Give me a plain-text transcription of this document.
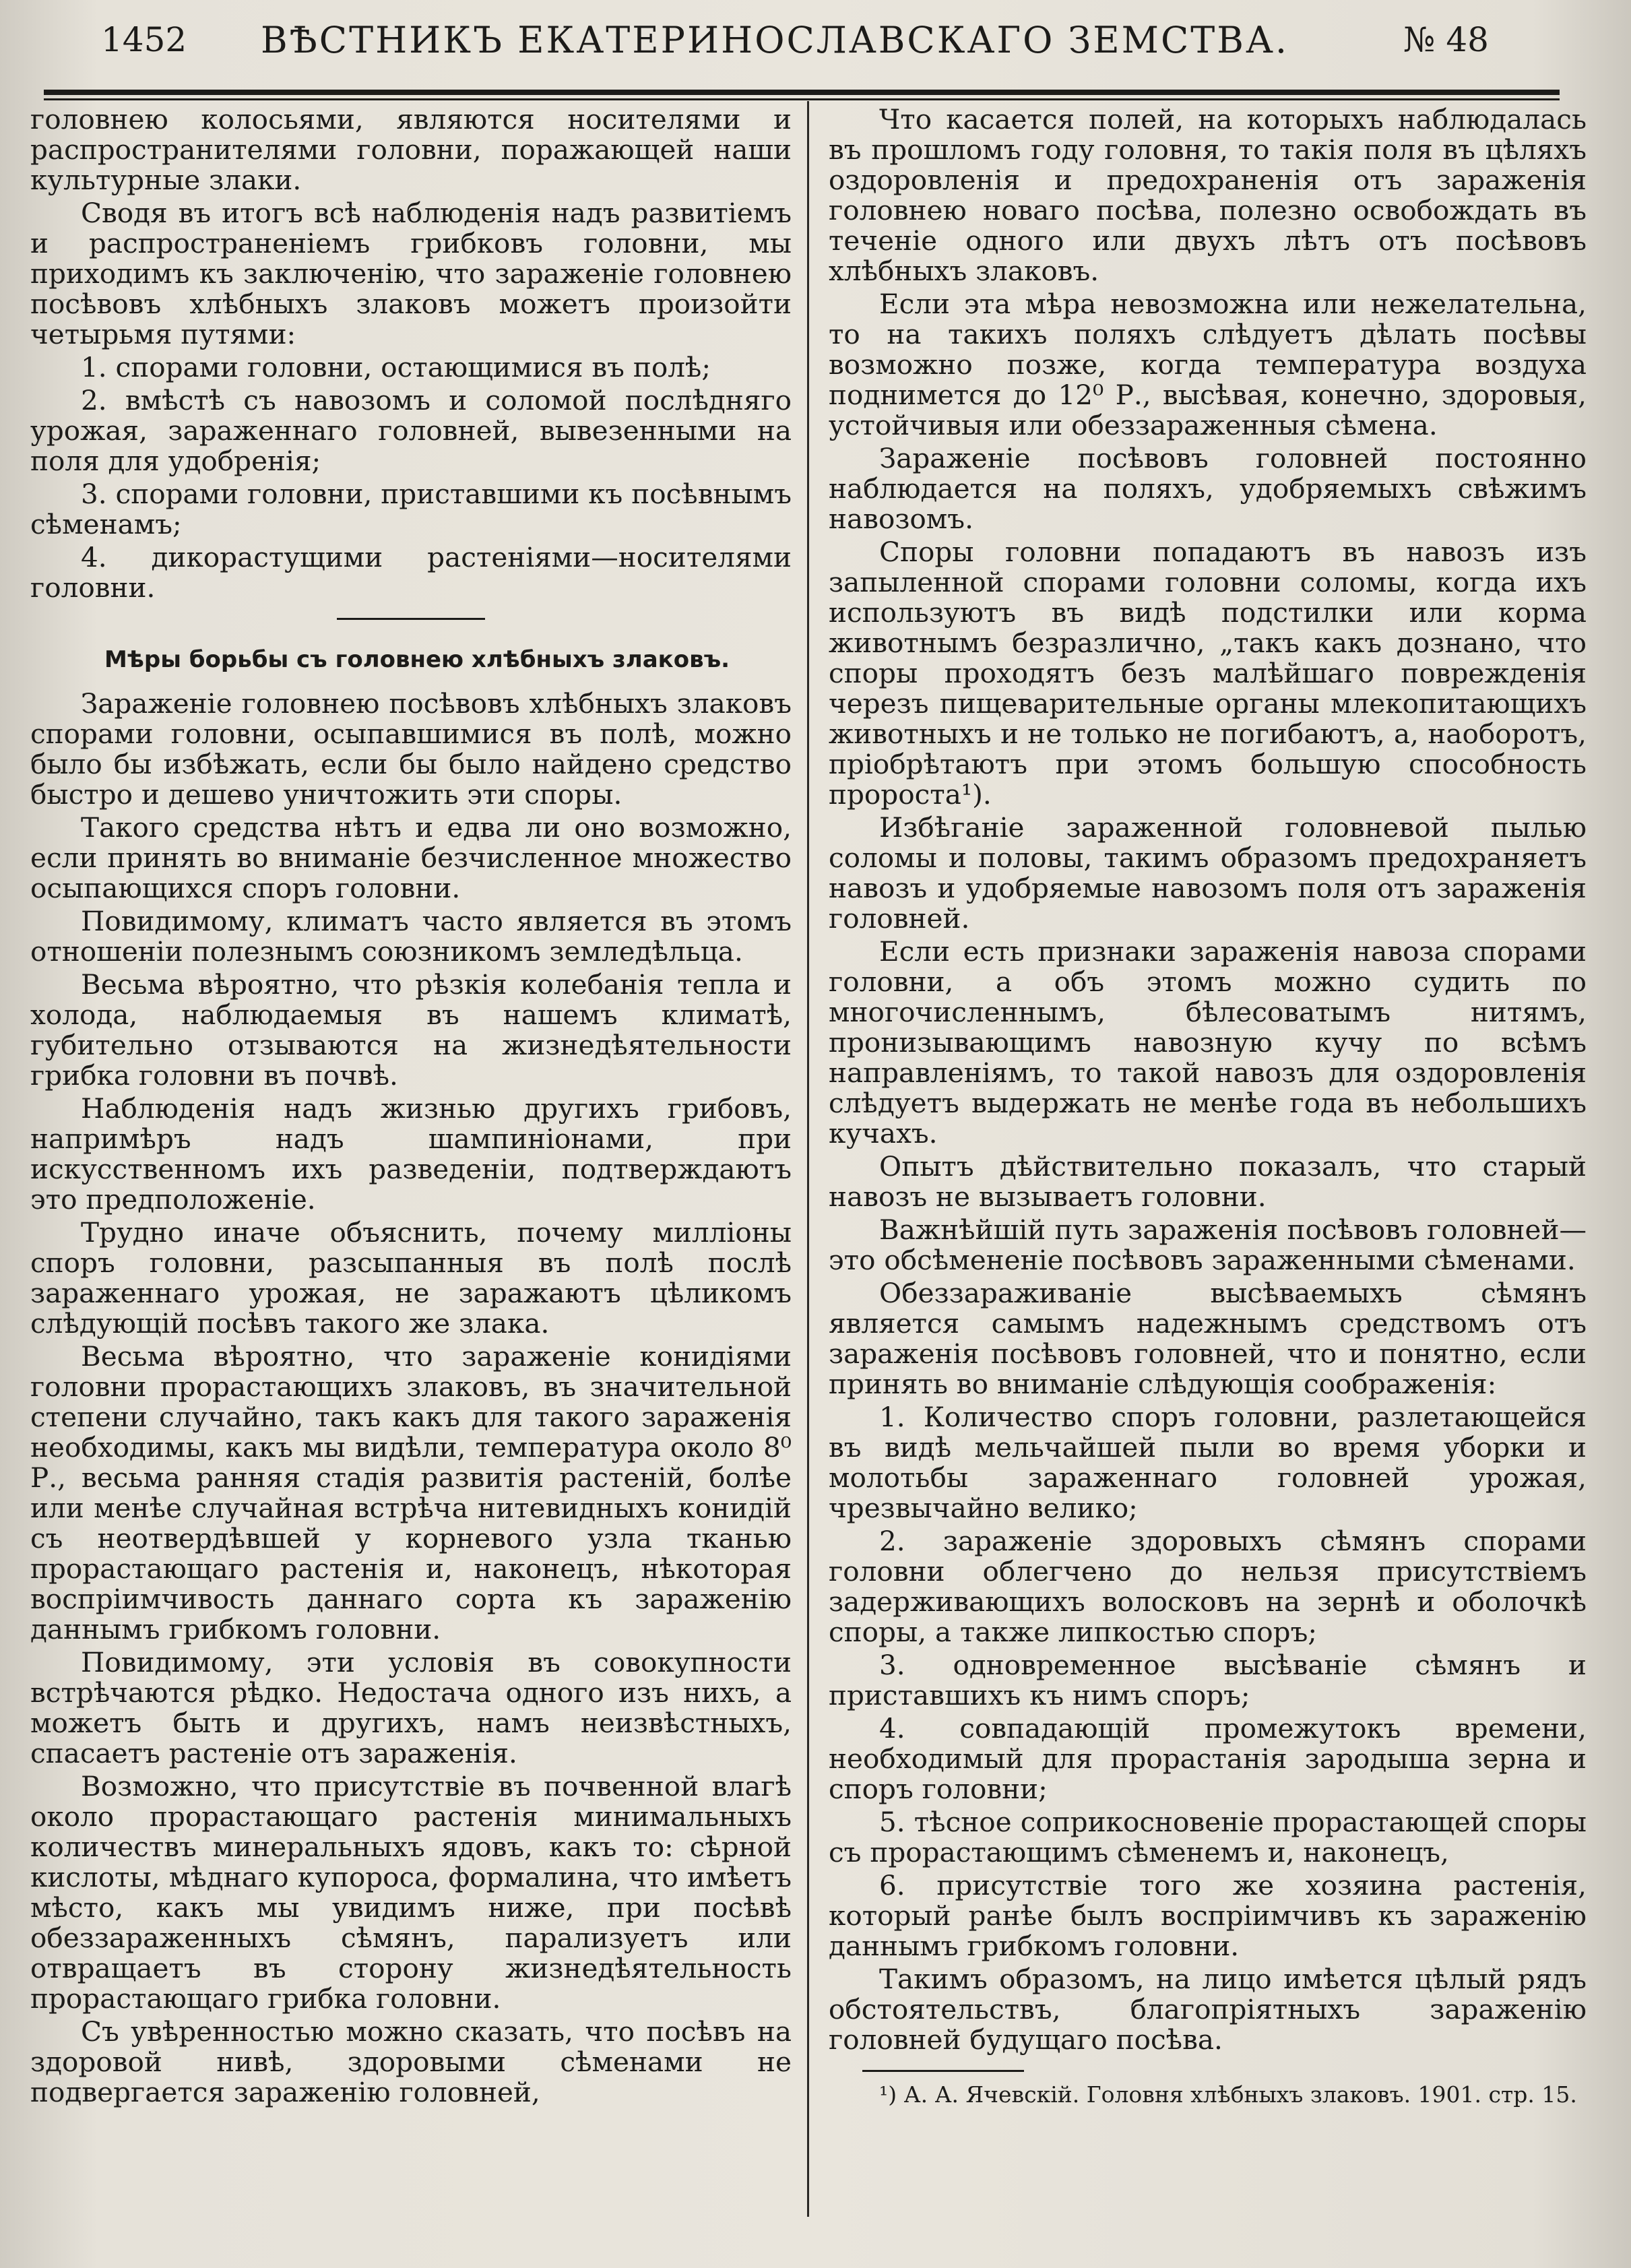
1452	ВѢСТНИКЪ ЕКАТЕРИНОСЛАВСКАГО ЗЕМСТВА.	№ 48

головнею колосьями, являются носителями и распространителями головни, поражающей наши культурные злаки.

Сводя въ итогъ всѣ наблюденія надъ развитіемъ и распространеніемъ грибковъ головни, мы приходимъ къ заключенію, что зараженіе головнею посѣвовъ хлѣбныхъ злаковъ можетъ произойти четырьмя путями:

1. спорами головни, остающимися въ полѣ;

2. вмѣстѣ съ навозомъ и соломой послѣдняго урожая, зараженнаго головней, вывезенными на поля для удобренія;

3. спорами головни, приставшими къ посѣвнымъ сѣменамъ;

4. дикорастущими растеніями—носителями головни.

Мѣры борьбы съ головнею хлѣбныхъ злаковъ.

Зараженіе головнею посѣвовъ хлѣбныхъ злаковъ спорами головни, осыпавшимися въ полѣ, можно было бы избѣжать, если бы было найдено средство быстро и дешево уничтожить эти споры.

Такого средства нѣтъ и едва ли оно возможно, если принять во вниманіе безчисленное множество осыпающихся споръ головни.

Повидимому, климатъ часто является въ этомъ отношеніи полезнымъ союзникомъ земледѣльца.

Весьма вѣроятно, что рѣзкія колебанія тепла и холода, наблюдаемыя въ нашемъ климатѣ, губительно отзываются на жизнедѣятельности грибка головни въ почвѣ.

Наблюденія надъ жизнью другихъ грибовъ, напримѣръ надъ шампиніонами, при искусственномъ ихъ разведеніи, подтверждаютъ это предположеніе.

Трудно иначе объяснить, почему милліоны споръ головни, разсыпанныя въ полѣ послѣ зараженнаго урожая, не заражаютъ цѣликомъ слѣдующій посѣвъ такого же злака.

Весьма вѣроятно, что зараженіе конидіями головни прорастающихъ злаковъ, въ значительной степени случайно, такъ какъ для такого зараженія необходимы, какъ мы видѣли, температура около 8⁰ Р., весьма ранняя стадія развитія растеній, болѣе или менѣе случайная встрѣча нитевидныхъ конидій съ неотвердѣвшей у корневого узла тканью прорастающаго растенія и, наконецъ, нѣкоторая воспріимчивость даннаго сорта къ зараженію даннымъ грибкомъ головни.

Повидимому, эти условія въ совокупности встрѣчаются рѣдко. Недостача одного изъ нихъ, а можетъ быть и другихъ, намъ неизвѣстныхъ, спасаетъ растеніе отъ зараженія.

Возможно, что присутствіе въ почвенной влагѣ около прорастающаго растенія минимальныхъ количествъ минеральныхъ ядовъ, какъ то: сѣрной кислоты, мѣднаго купороса, формалина, что имѣетъ мѣсто, какъ мы увидимъ ниже, при посѣвѣ обеззараженныхъ сѣмянъ, парализуетъ или отвращаетъ въ сторону жизнедѣятельность прорастающаго грибка головни.

Съ увѣренностью можно сказать, что посѣвъ на здоровой нивѣ, здоровыми сѣменами не подвергается зараженію головней,

Что касается полей, на которыхъ наблюдалась въ прошломъ году головня, то такія поля въ цѣляхъ оздоровленія и предохраненія отъ зараженія головнею новаго посѣва, полезно освобождать въ теченіе одного или двухъ лѣтъ отъ посѣвовъ хлѣбныхъ злаковъ.

Если эта мѣра невозможна или нежелательна, то на такихъ поляхъ слѣдуетъ дѣлать посѣвы возможно позже, когда температура воздуха поднимется до 12⁰ Р., высѣвая, конечно, здоровыя, устойчивыя или обеззараженныя сѣмена.

Зараженіе посѣвовъ головней постоянно наблюдается на поляхъ, удобряемыхъ свѣжимъ навозомъ.

Споры головни попадаютъ въ навозъ изъ запыленной спорами головни соломы, когда ихъ используютъ въ видѣ подстилки или корма животнымъ безразлично, „такъ какъ дознано, что споры проходятъ безъ малѣйшаго поврежденія черезъ пищеварительные органы млекопитающихъ животныхъ и не только не погибаютъ, а, наоборотъ, пріобрѣтаютъ при этомъ большую способность пророста¹).

Избѣганіе зараженной головневой пылью соломы и половы, такимъ образомъ предохраняетъ навозъ и удобряемые навозомъ поля отъ зараженія головней.

Если есть признаки зараженія навоза спорами головни, а объ этомъ можно судить по многочисленнымъ, бѣлесоватымъ нитямъ, пронизывающимъ навозную кучу по всѣмъ направленіямъ, то такой навозъ для оздоровленія слѣдуетъ выдержать не менѣе года въ небольшихъ кучахъ.

Опытъ дѣйствительно показалъ, что старый навозъ не вызываетъ головни.

Важнѣйшій путь зараженія посѣвовъ головней—это обсѣмененіе посѣвовъ зараженными сѣменами.

Обеззараживаніе высѣваемыхъ сѣмянъ является самымъ надежнымъ средствомъ отъ зараженія посѣвовъ головней, что и понятно, если принять во вниманіе слѣдующія соображенія:

1. Количество споръ головни, разлетающейся въ видѣ мельчайшей пыли во время уборки и молотьбы зараженнаго головней урожая, чрезвычайно велико;

2. зараженіе здоровыхъ сѣмянъ спорами головни облегчено до нельзя присутствіемъ задерживающихъ волосковъ на зернѣ и оболочкѣ споры, а также липкостью споръ;

3. одновременное высѣваніе сѣмянъ и приставшихъ къ нимъ споръ;

4. совпадающій промежутокъ времени, необходимый для прорастанія зародыша зерна и споръ головни;

5. тѣсное соприкосновеніе прорастающей споры съ прорастающимъ сѣменемъ и, наконецъ,

6. присутствіе того же хозяина растенія, который ранѣе былъ воспріимчивъ къ зараженію даннымъ грибкомъ головни.

Такимъ образомъ, на лицо имѣется цѣлый рядъ обстоятельствъ, благопріятныхъ зараженію головней будущаго посѣва.

¹) А. А. Ячевскій. Головня хлѣбныхъ злаковъ. 1901. стр. 15.
